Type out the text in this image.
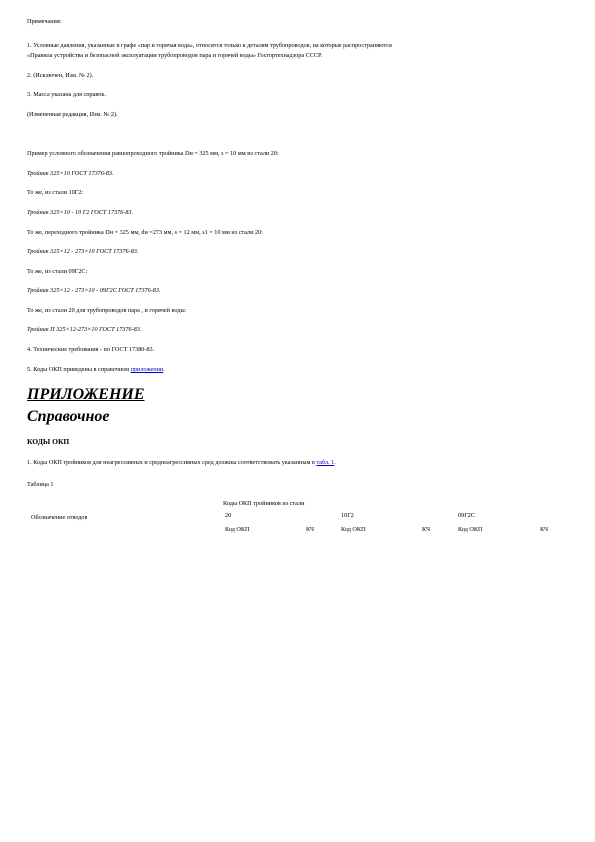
Примечания:
1. Условные давления, указанные в графе «пар и горячая вода», относятся только к деталям трубопроводов, на которые распространяются
«Правила устройства и безопасной эксплуатации трубопроводов пара и горячей воды» Госгортехнадзора СССР.
2. (Исключен, Изм. № 2).
3. Масса указана для справок.
(Измененная редакция, Изм. № 2).
Пример условного обозначения равнопроходного тройника Dн = 325 мм, s = 10 мм из стали 20:
Тройник 325×10 ГОСТ 17376-83.
То же, из стали 10Г2:
Тройник 325×10 - 10 Г2 ГОСТ 17376-83.
То же, переходного тройника Dн = 325 мм, dн =273 мм, s = 12 мм, s1 = 10 мм из стали 20:
Тройник 325×12 - 273×10 ГОСТ 17376-83.
То же, из стали 09Г2С:
Тройник 325×12 - 273×10 - 09Г2С ГОСТ 17376-83.
То же, из стали 20 для трубопроводов пара , и горячей воды:
Тройник П 325×12-273×10 ГОСТ 17376-83.
4. Технические требования - по ГОСТ 17380-83.
5. Коды ОКП приведены в справочном приложении.
ПРИЛОЖЕНИЕ
Справочное
КОДЫ ОКП
1. Коды ОКП тройников для неагрессивных и среднеагрессивных сред должны соответствовать указанным в табл. 1.
Таблица 1
Коды ОКП тройников из стали
Обозначение отводов	20	10Г2	09Г2С
Код ОКП	КЧ	Код ОКП	КЧ	Код ОКП	КЧ
